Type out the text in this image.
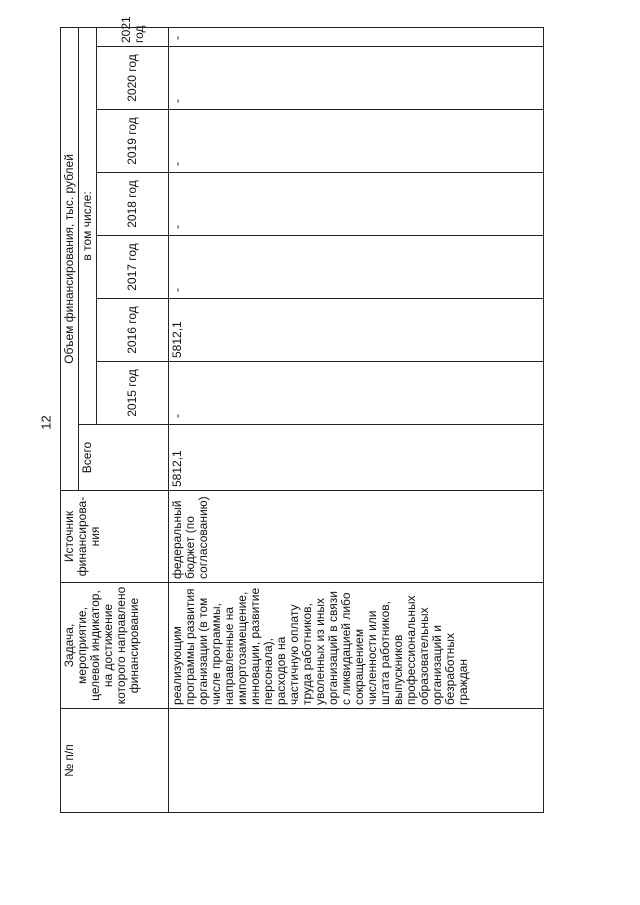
12
№ п/п	Задача, мероприятие, целевой индикатор, на достижение которого направлено финансирование	Источник финансирова-ния	Объем финансирования, тыс. рублей							
			Всего	в том числе:						
				2015 год	2016 год	2017 год	2018 год	2019 год	2020 год	2021 год
	реализующим программы развития организации (в том числе программы, направленные на импортозамещение, инновации, развитие персонала), расходов на частичную оплату труда работников, уволенных из иных организаций в связи с ликвидацией либо сокращением численности или штата работников, выпускников профессиональных образовательных организаций и безработных граждан	федеральный бюджет (по согласованию)	5812,1	-	5812,1	-	-	-	-	-
